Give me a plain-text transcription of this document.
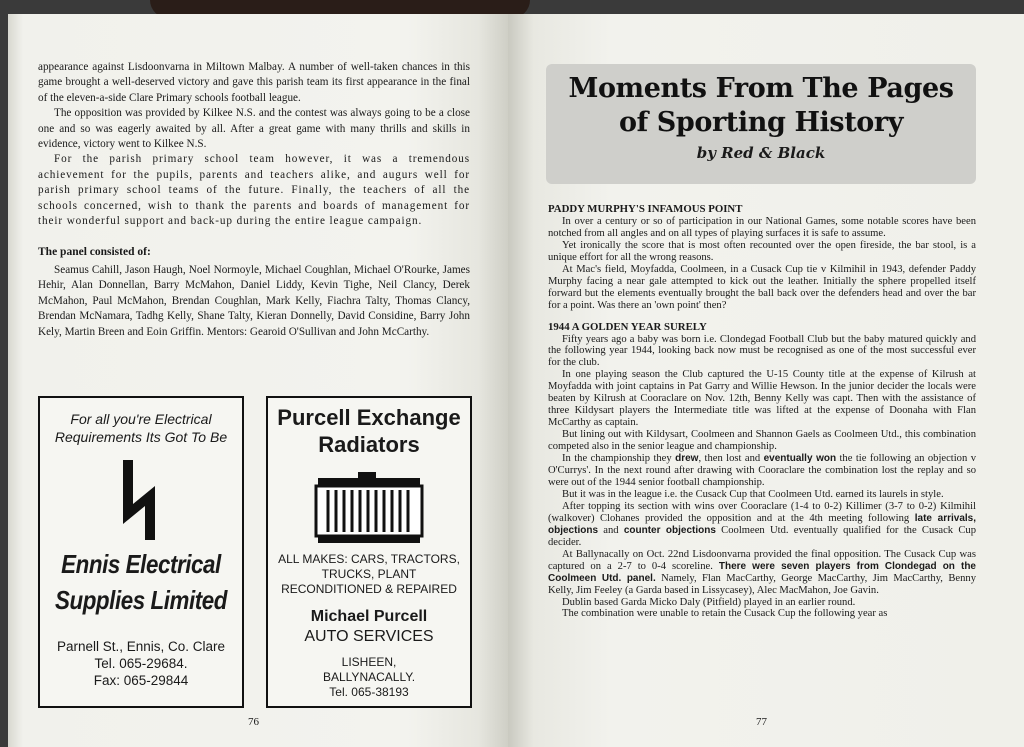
appearance against Lisdoonvarna in Miltown Malbay. A number of well-taken chances in this game brought a well-deserved victory and gave this parish team its first appearance in the final of the eleven-a-side Clare Primary schools football league.

The opposition was provided by Kilkee N.S. and the contest was always going to be a close one and so was eagerly awaited by all. After a great game with many thrills and skills in evidence, victory went to Kilkee N.S.

For the parish primary school team however, it was a tremendous achievement for the pupils, parents and teachers alike, and augurs well for parish primary school teams of the future. Finally, the teachers of all the schools concerned, wish to thank the parents and boards of management for their wonderful support and back-up during the entire league campaign.

The panel consisted of:

Seamus Cahill, Jason Haugh, Noel Normoyle, Michael Coughlan, Michael O'Rourke, James Hehir, Alan Donnellan, Barry McMahon, Daniel Liddy, Kevin Tighe, Neil Clancy, Derek McMahon, Paul McMahon, Brendan Coughlan, Mark Kelly, Fiachra Talty, Thomas Clancy, Brendan McNamara, Tadhg Kelly, Shane Talty, Kieran Donnelly, David Considine, Barry John Kely, Martin Breen and Eoin Griffin. Mentors: Gearoid O'Sullivan and John McCarthy.

For all you're Electrical
Requirements Its Got To Be
Ennis Electrical
Supplies Limited
Parnell St., Ennis, Co. Clare
Tel. 065-29684.
Fax: 065-29844
Purcell Exchange
Radiators
ALL MAKES: CARS, TRACTORS,
TRUCKS, PLANT
RECONDITIONED & REPAIRED
Michael Purcell
AUTO SERVICES
LISHEEN,
BALLYNACALLY.
Tel. 065-38193
76
Moments From The Pages
of Sporting History
by Red & Black
PADDY MURPHY'S INFAMOUS POINT

In over a century or so of participation in our National Games, some notable scores have been notched from all angles and on all types of playing surfaces it is safe to assume.

Yet ironically the score that is most often recounted over the open fireside, the bar stool, is a unique effort for all the wrong reasons.

At Mac's field, Moyfadda, Coolmeen, in a Cusack Cup tie v Kilmihil in 1943, defender Paddy Murphy facing a near gale attempted to kick out the leather. Initially the sphere propelled itself forward but the elements eventually brought the ball back over the defenders head and over the bar for a point. Was there an 'own point' then?

1944 A GOLDEN YEAR SURELY

Fifty years ago a baby was born i.e. Clondegad Football Club but the baby matured quickly and the following year 1944, looking back now must be recognised as one of the most successful ever for the club.

In one playing season the Club captured the U-15 County title at the expense of Kilrush at Moyfadda with joint captains in Pat Garry and Willie Hewson. In the junior decider the locals were beaten by Kilrush at Cooraclare on Nov. 12th, Benny Kelly was capt. Then with the assistance of three Kildysart players the Intermediate title was lifted at the expense of Doonaha with Flan McCarthy as captain.

But lining out with Kildysart, Coolmeen and Shannon Gaels as Coolmeen Utd., this combination competed also in the senior league and championship.

In the championship they drew, then lost and eventually won the tie following an objection v O'Currys'. In the next round after drawing with Cooraclare the combination lost the replay and so were out of the 1944 senior football championship.

But it was in the league i.e. the Cusack Cup that Coolmeen Utd. earned its laurels in style.

After topping its section with wins over Cooraclare (1-4 to 0-2) Killimer (3-7 to 0-2) Kilmihil (walkover) Clohanes provided the opposition and at the 4th meeting following late arrivals, objections and counter objections Coolmeen Utd. eventually qualified for the Cusack Cup decider.

At Ballynacally on Oct. 22nd Lisdoonvarna provided the final opposition. The Cusack Cup was captured on a 2-7 to 0-4 scoreline. There were seven players from Clondegad on the Coolmeen Utd. panel. Namely, Flan MacCarthy, George MacCarthy, Jim MacCarthy, Benny Kelly, Jim Feeley (a Garda based in Lissycasey), Alec MacMahon, Joe Gavin.

Dublin based Garda Micko Daly (Pitfield) played in an earlier round.

The combination were unable to retain the Cusack Cup the following year as

77
